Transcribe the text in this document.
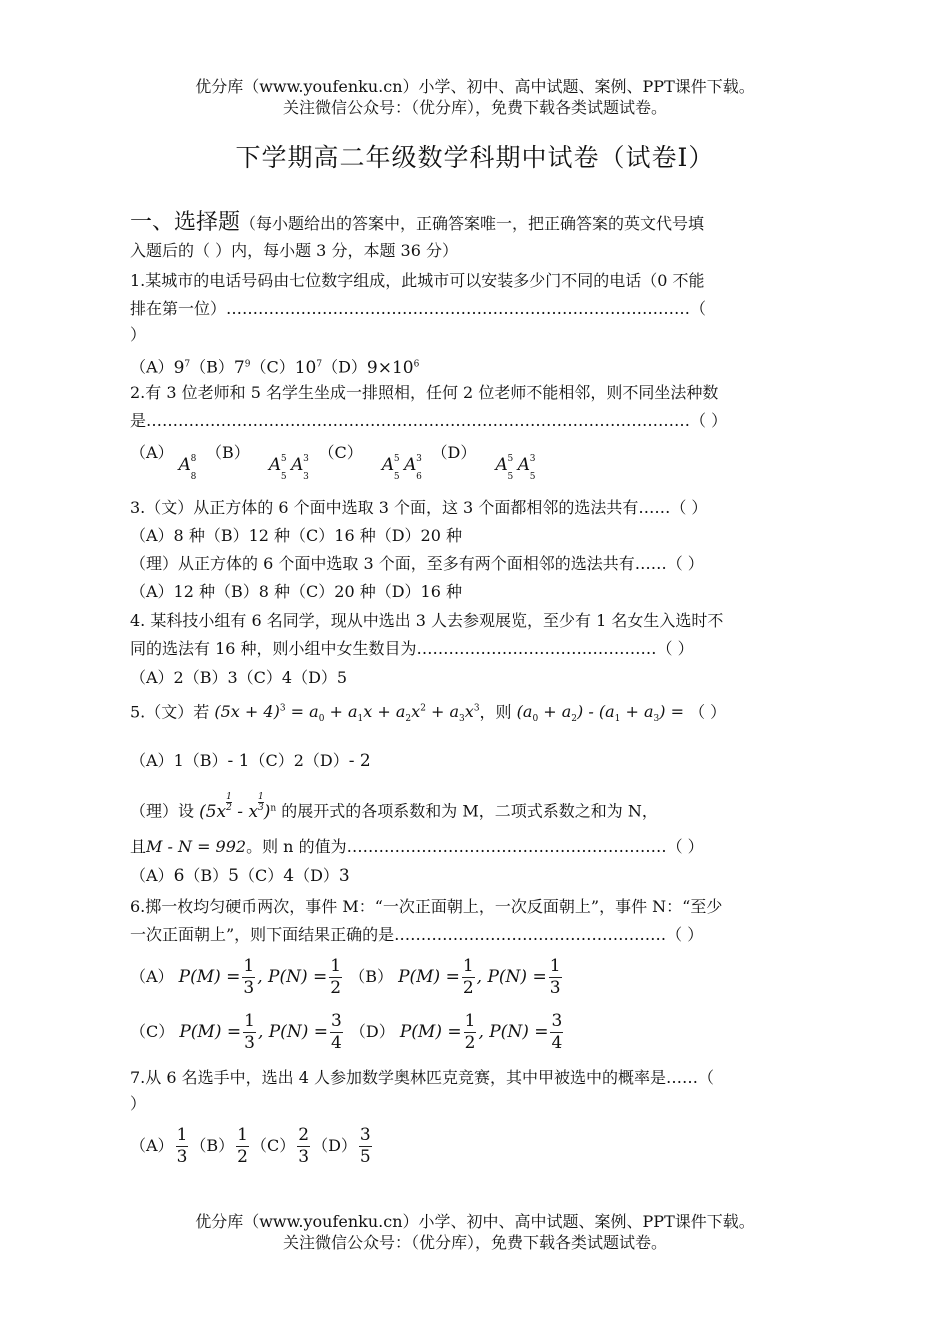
优分库（www.youfenku.cn）小学、初中、高中试题、案例、PPT课件下载。
关注微信公众号：（优分库），免费下载各类试题试卷。
下学期高二年级数学科期中试卷（试卷Ⅰ）
一、选择题（每小题给出的答案中，正确答案唯一，把正确答案的英文代号填
入题后的（ ）内，每小题 3 分，本题 36 分）
1.某城市的电话号码由七位数字组成，此城市可以安装多少门不同的电话（0 不能
排在第一位）……………………………………………………………………………（
）
$(A)9^7(B)7^9(C)10^7(D)9\times 10^6$
2.有 3 位老师和 5 名学生坐成一排照相，任何 2 位老师不能相邻，则不同坐法种数
是…………………………………………………………………………………………（ ）
（A） A 8
8
（B） A 5
5
A 3
3
（C） A 5
5
A 3
6
（D） A 5
5
A 3
5
3.（文）从正方体的 6 个面中选取 3 个面，这 3 个面都相邻的选法共有……（ ）
（A）8 种（B）12 种（C）16 种（D）20 种
（理）从正方体的 6 个面中选取 3 个面，至多有两个面相邻的选法共有……（ ）
（A）12 种（B）8 种（C）20 种（D）16 种
4. 某科技小组有 6 名同学，现从中选出 3 人去参观展览，至少有 1 名女生入选时不
同的选法有 16 种，则小组中女生数目为………………………………………（ ）
（A）2（B）3（C）4（D）5
5.（文）若 $(5x + 4)^3 = a_0 + a_1x + a_2x^2 + a_3x^3$，则 $(a_0 + a_2) - (a_1 + a_3)$ = （ ）
（A）1（B）- 1（C）2（D）- 2
（理）设 ($5x \frac{1}{2}$ - x $\frac{1}{3} )^n$ 的展开式的各项系数和为 M，二项式系数之和为 N，
且M - N = 992。则 n 的值为……………………………………………………（ ）
（A）6（B）5（C）4（D）3
6.掷一枚均匀硬币两次，事件 M：“一次正面朝上，一次反面朝上”，事件 N：“至少
一次正面朝上”，则下面结果正确的是……………………………………………（ ）
（A） $P(M) = \frac{1}{3}$ , $P(N) = \frac{1}{2} (B) P(M) = \frac{1}{2}$ , $P(N) = \frac{1}{3}$
（C） $P(M) = \frac{1}{3}$ , $P(N) = \frac{3}{4} (D) P(M) = \frac{1}{2}$ , $P(N) = \frac{3}{4}$
7.从 6 名选手中，选出 4 人参加数学奥林匹克竞赛，其中甲被选中的概率是……（
）
$(A) \frac{1}{3} (B) \frac{1}{2} (C) \frac{2}{3} (D) \frac{3}{5}$
优分库（www.youfenku.cn）小学、初中、高中试题、案例、PPT课件下载。
关注微信公众号：（优分库），免费下载各类试题试卷。
